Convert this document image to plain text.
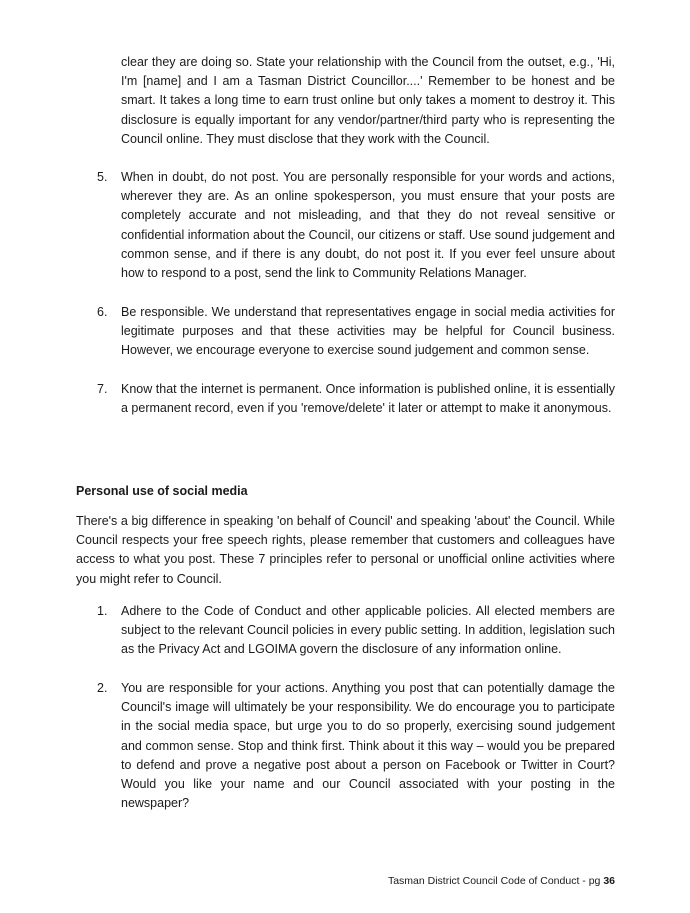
clear they are doing so. State your relationship with the Council from the outset, e.g., 'Hi, I'm [name] and I am a Tasman District Councillor....' Remember to be honest and be smart. It takes a long time to earn trust online but only takes a moment to destroy it. This disclosure is equally important for any vendor/partner/third party who is representing the Council online. They must disclose that they work with the Council.

5. When in doubt, do not post. You are personally responsible for your words and actions, wherever they are. As an online spokesperson, you must ensure that your posts are completely accurate and not misleading, and that they do not reveal sensitive or confidential information about the Council, our citizens or staff. Use sound judgement and common sense, and if there is any doubt, do not post it. If you ever feel unsure about how to respond to a post, send the link to Community Relations Manager.

6. Be responsible. We understand that representatives engage in social media activities for legitimate purposes and that these activities may be helpful for Council business. However, we encourage everyone to exercise sound judgement and common sense.

7. Know that the internet is permanent. Once information is published online, it is essentially a permanent record, even if you 'remove/delete' it later or attempt to make it anonymous.

Personal use of social media

There's a big difference in speaking 'on behalf of Council' and speaking 'about' the Council. While Council respects your free speech rights, please remember that customers and colleagues have access to what you post. These 7 principles refer to personal or unofficial online activities where you might refer to Council.

1. Adhere to the Code of Conduct and other applicable policies. All elected members are subject to the relevant Council policies in every public setting. In addition, legislation such as the Privacy Act and LGOIMA govern the disclosure of any information online.

2. You are responsible for your actions. Anything you post that can potentially damage the Council's image will ultimately be your responsibility. We do encourage you to participate in the social media space, but urge you to do so properly, exercising sound judgement and common sense. Stop and think first. Think about it this way – would you be prepared to defend and prove a negative post about a person on Facebook or Twitter in Court? Would you like your name and our Council associated with your posting in the newspaper?

Tasman District Council Code of Conduct - pg 36
